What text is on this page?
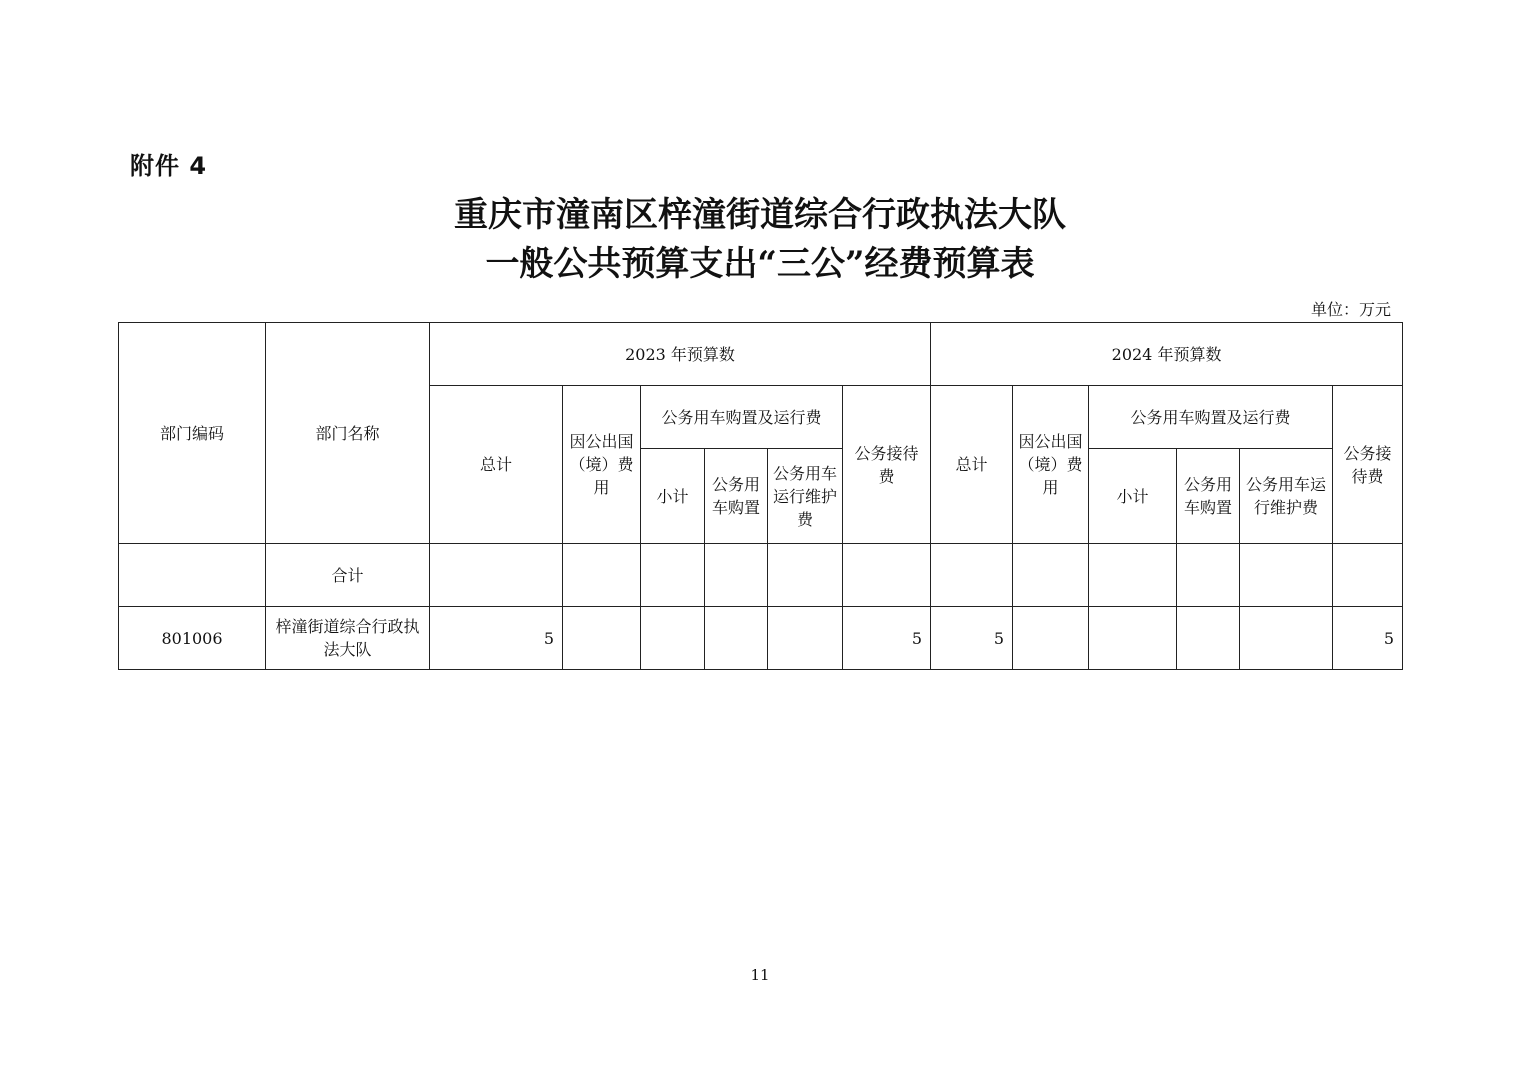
附件 4
重庆市潼南区梓潼街道综合行政执法大队
一般公共预算支出“三公”经费预算表
单位：万元
部门编码	部门名称	2023 年预算数						2024 年预算数					
		总计	因公出国（境）费用	公务用车购置及运行费			公务接待费	总计	因公出国（境）费用	公务用车购置及运行费			公务接待费
				小计	公务用车购置	公务用车运行维护费				小计	公务用车购置	公务用车运行维护费	
	合计												
801006	梓潼街道综合行政执法大队	5					5	5					5
11
